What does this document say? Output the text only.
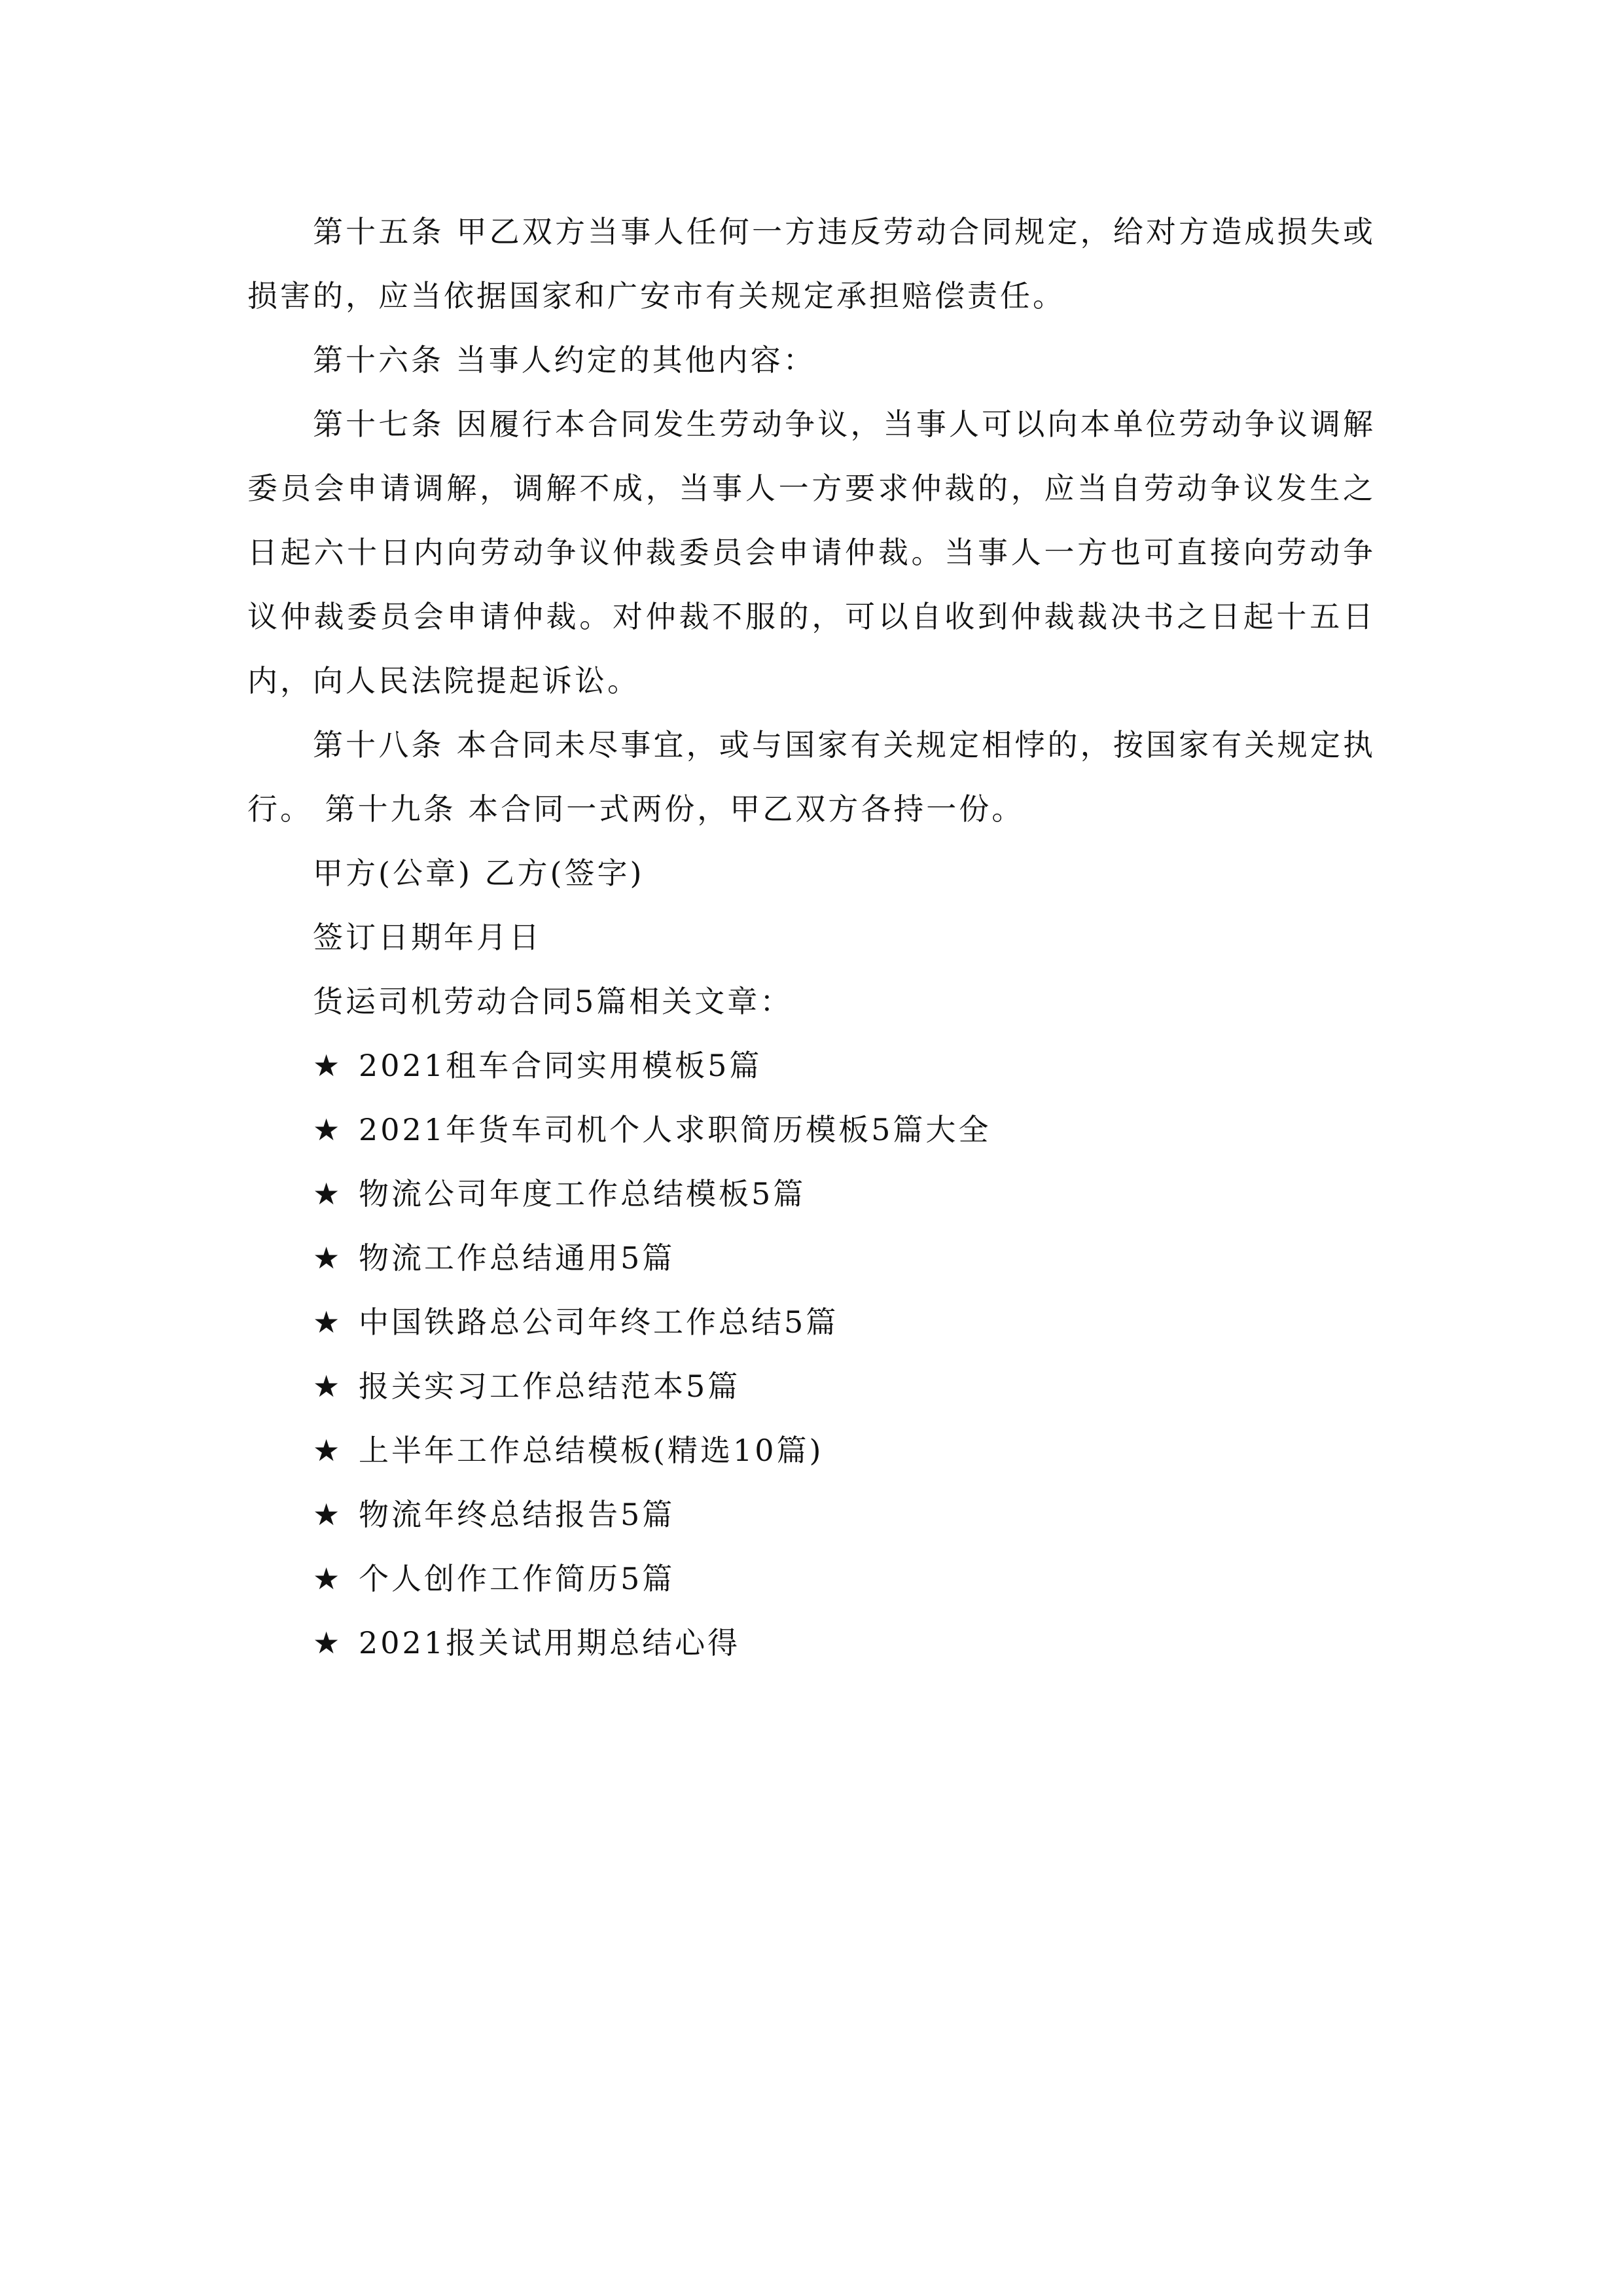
第十五条 甲乙双方当事人任何一方违反劳动合同规定，给对方造成损失或损害的，应当依据国家和广安市有关规定承担赔偿责任。

第十六条 当事人约定的其他内容：

第十七条 因履行本合同发生劳动争议，当事人可以向本单位劳动争议调解委员会申请调解，调解不成，当事人一方要求仲裁的，应当自劳动争议发生之日起六十日内向劳动争议仲裁委员会申请仲裁。当事人一方也可直接向劳动争议仲裁委员会申请仲裁。对仲裁不服的，可以自收到仲裁裁决书之日起十五日内，向人民法院提起诉讼。

第十八条 本合同未尽事宜，或与国家有关规定相悖的，按国家有关规定执行。 第十九条 本合同一式两份，甲乙双方各持一份。

甲方(公章) 乙方(签字)

签订日期年月日

货运司机劳动合同5篇相关文章：

★ 2021租车合同实用模板5篇
★ 2021年货车司机个人求职简历模板5篇大全
★ 物流公司年度工作总结模板5篇
★ 物流工作总结通用5篇
★ 中国铁路总公司年终工作总结5篇
★ 报关实习工作总结范本5篇
★ 上半年工作总结模板(精选10篇)
★ 物流年终总结报告5篇
★ 个人创作工作简历5篇
★ 2021报关试用期总结心得
